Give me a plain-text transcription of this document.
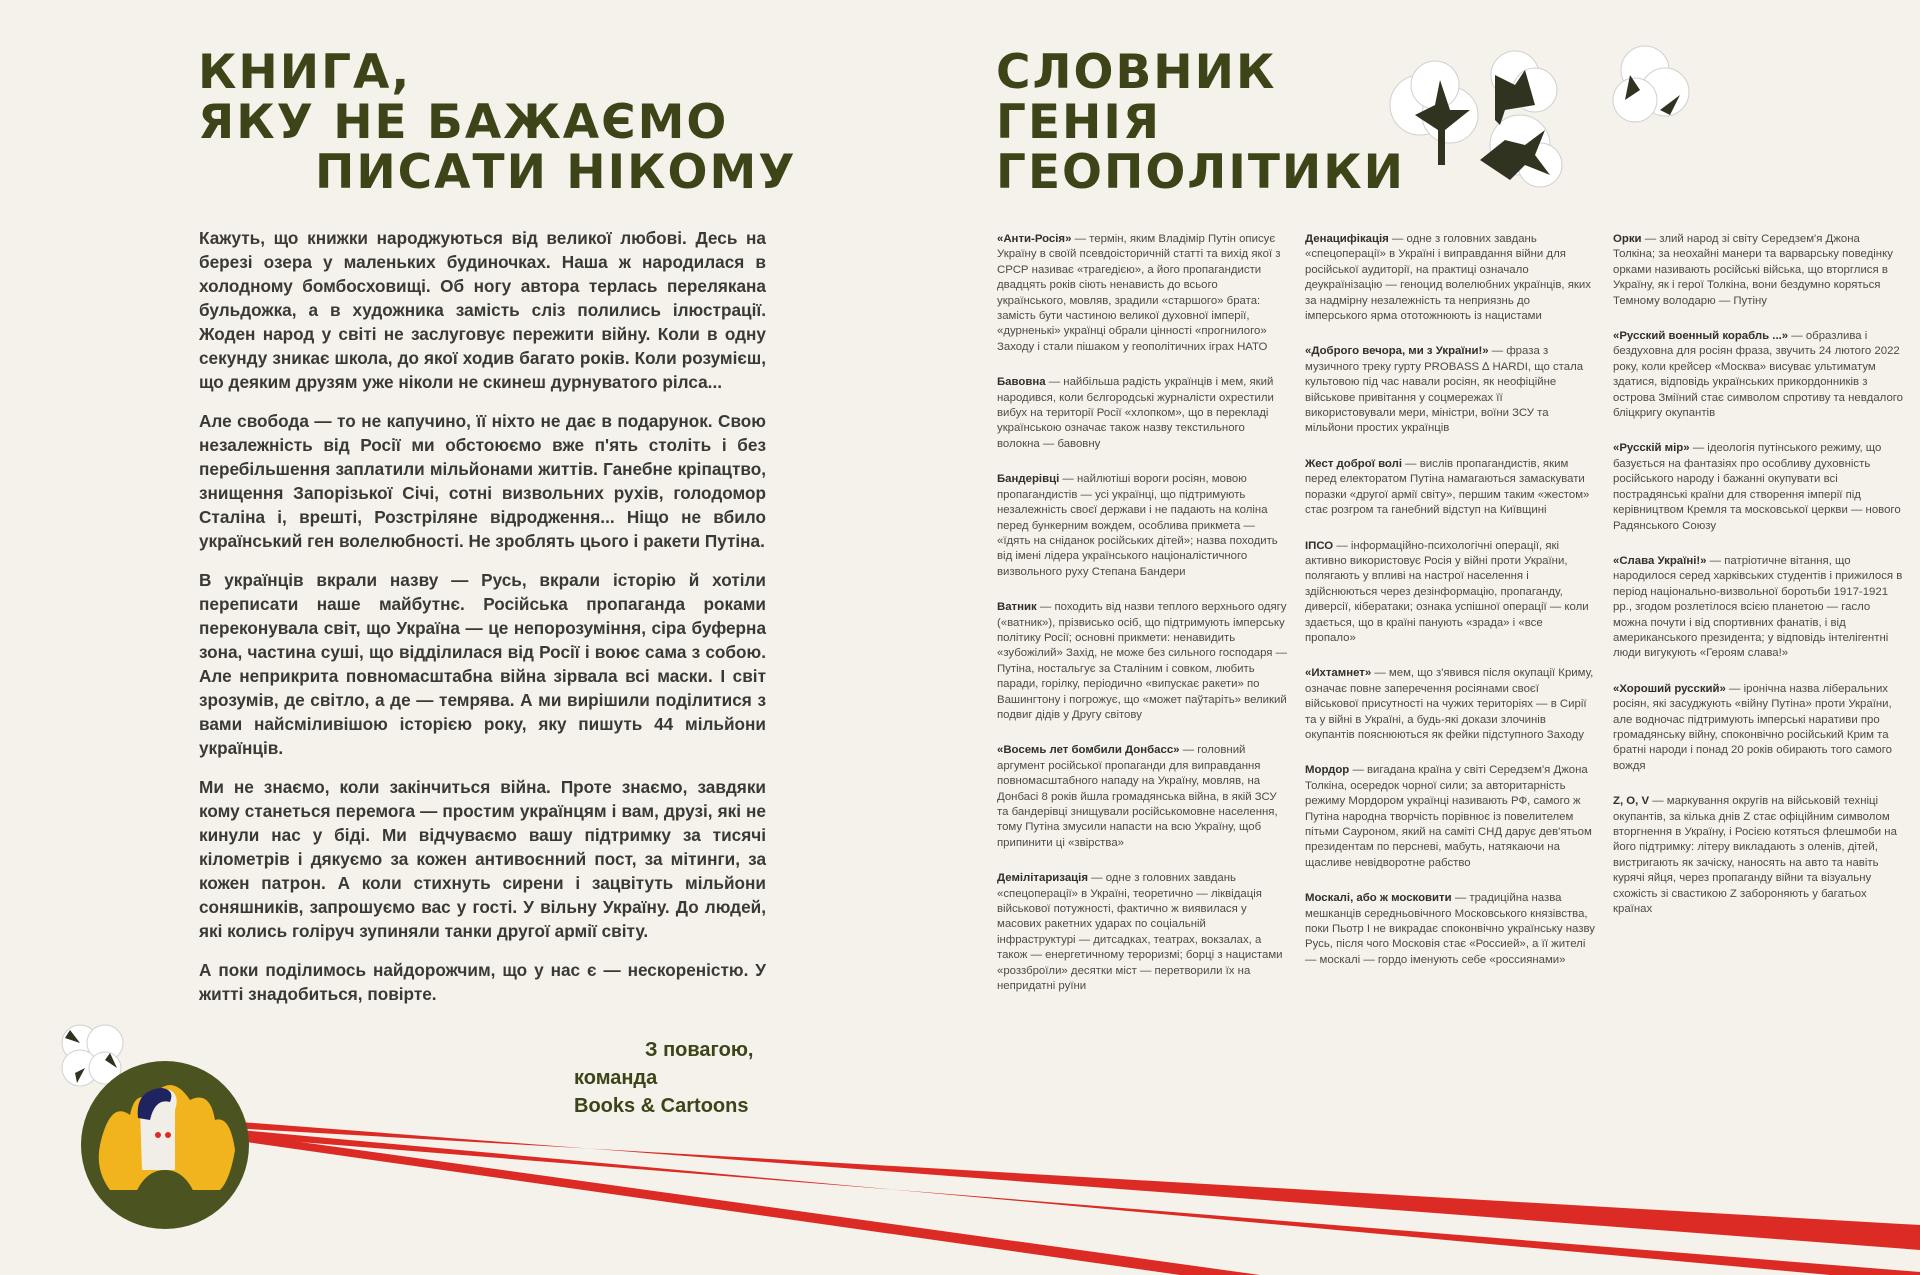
КНИГА,
ЯКУ НЕ БАЖАЄМО
ПИСАТИ НІКОМУ

Кажуть, що книжки народжуються від великої любові. Десь на березі озера у маленьких будиночках. Наша ж народилася в холодному бомбосховищі. Об ногу автора терлась перелякана бульдожка, а в художника замість сліз полились ілюстрації. Жоден народ у світі не заслуговує пережити війну. Коли в одну секунду зникає школа, до якої ходив багато років. Коли розумієш, що деяким друзям уже ніколи не скинеш дурнуватого рілса...

Але свобода — то не капучино, її ніхто не дає в подарунок. Свою незалежність від Росії ми обстоюємо вже п'ять століть і без перебільшення заплатили мільйонами життів. Ганебне кріпацтво, знищення Запорізької Січі, сотні визвольних рухів, голодомор Сталіна і, врешті, Розстріляне відродження... Ніщо не вбило український ген волелюбності. Не зроблять цього і ракети Путіна.

В українців вкрали назву — Русь, вкрали історію й хотіли переписати наше майбутнє. Російська пропаганда роками переконувала світ, що Україна — це непорозуміння, сіра буферна зона, частина суші, що відділилася від Росії і воює сама з собою. Але неприкрита повномасштабна війна зірвала всі маски. І світ зрозумів, де світло, а де — темрява. А ми вирішили поділитися з вами найсміливішою історією року, яку пишуть 44 мільйони українців.

Ми не знаємо, коли закінчиться війна. Проте знаємо, завдяки кому станеться перемога — простим українцям і вам, друзі, які не кинули нас у біді. Ми відчуваємо вашу підтримку за тисячі кілометрів і дякуємо за кожен антивоєнний пост, за мітинги, за кожен патрон. А коли стихнуть сирени і зацвітуть мільйони соняшників, запрошуємо вас у гості. У вільну Україну. До людей, які колись голіруч зупиняли танки другої армії світу.

А поки поділимось найдорожчим, що у нас є — нескореністю. У житті знадобиться, повірте.

З повагою,
команда
Books & Cartoons
СЛОВНИК
ГЕНІЯ
ГЕОПОЛІТИКИ

«Анти-Росія» — термін, яким Владімір Путін описує Україну в своїй псевдоісторичній статті та вихід якої з СРСР називає «трагедією», а його пропагандисти двадцять років сіють ненависть до всього українського, мовляв, зрадили «старшого» брата: замість бути частиною великої духовної імперії, «дурненькі» українці обрали цінності «прогнилого» Заходу і стали пішаком у геополітичних іграх НАТО

Бавовна — найбільша радість українців і мем, який народився, коли бєлгородські журналісти охрестили вибух на території Росії «хлопком», що в перекладі українською означає також назву текстильного волокна — бавовну

Бандерівці — найлютіші вороги росіян, мовою пропагандистів — усі українці, що підтримують незалежність своєї держави і не падають на коліна перед бункерним вождем, особлива прикмета — «їдять на сніданок російських дітей»; назва походить від імені лідера українського націоналістичного визвольного руху Степана Бандери

Ватник — походить від назви теплого верхнього одягу («ватник»), прізвисько осіб, що підтримують імперську політику Росії; основні прикмети: ненавидить «зубожілий» Захід, не може без сильного господаря — Путіна, ностальгує за Сталіним і совком, любить паради, горілку, періодично «випускає ракети» по Вашингтону і погрожує, що «может паўтаріть» великий подвиг дідів у Другу світову

«Восемь лет бомбили Донбасс» — головний аргумент російської пропаганди для виправдання повномасштабного нападу на Україну, мовляв, на Донбасі 8 років йшла громадянська війна, в якій ЗСУ та бандерівці знищували російськомовне населення, тому Путіна змусили напасти на всю Україну, щоб припинити ці «звірства»

Демілітаризація — одне з головних завдань «спецоперації» в Україні, теоретично — ліквідація військової потужності, фактично ж виявилася у масових ракетних ударах по соціальній інфраструктурі — дитсадках, театрах, вокзалах, а також — енергетичному тероризмі; борці з нацистами «роззброїли» десятки міст — перетворили їх на непридатні руїни

Денацифікація — одне з головних завдань «спецоперації» в Україні і виправдання війни для російської аудиторії, на практиці означало деукраїнізацію — геноцид волелюбних українців, яких за надмірну незалежність та неприязнь до імперського ярма ототожнюють із нацистами

«Доброго вечора, ми з України!» — фраза з музичного треку гурту PROBASS ∆ HARDI, що стала культовою під час навали росіян, як неофіційне військове привітання у соцмережах її використовували мери, міністри, воїни ЗСУ та мільйони простих українців

Жест доброї волі — вислів пропагандистів, яким перед електоратом Путіна намагаються замаскувати поразки «другої армії світу», першим таким «жестом» стає розгром та ганебний відступ на Київщині

ІПСО — інформаційно-психологічні операції, які активно використовує Росія у війні проти України, полягають у впливі на настрої населення і здійснюються через дезінформацію, пропаганду, диверсії, кібератаки; ознака успішної операції — коли здається, що в країні панують «зрада» і «все пропало»

«Ихтамнет» — мем, що з'явився після окупації Криму, означає повне заперечення росіянами своєї військової присутності на чужих територіях — в Сирії та у війні в Україні, а будь-які докази злочинів окупантів пояснюються як фейки підступного Заходу

Мордор — вигадана країна у світі Середзем'я Джона Толкіна, осередок чорної сили; за авторитарність режиму Мордором українці називають РФ, самого ж Путіна народна творчість порівнює із повелителем пітьми Сауроном, який на саміті СНД дарує дев'ятьом президентам по персневі, мабуть, натякаючи на щасливе невідворотне рабство

Москалі, або ж московити — традиційна назва мешканців середньовічного Московського князівства, поки Пьотр I не викрадає споконвічно українську назву Русь, після чого Московія стає «Россией», а її жителі — москалі — гордо іменують себе «россиянами»

Орки — злий народ зі світу Середзем'я Джона Толкіна; за неохайні манери та варварську поведінку орками називають російські війська, що вторглися в Україну, як і герої Толкіна, вони бездумно коряться Темному володарю — Путіну

«Русский военный корабль ...» — образлива і бездуховна для росіян фраза, звучить 24 лютого 2022 року, коли крейсер «Москва» висуває ультиматум здатися, відповідь українських прикордонників з острова Зміїний стає символом спротиву та невдалого бліцкригу окупантів

«Русскій мір» — ідеологія путінського режиму, що базується на фантазіях про особливу духовність російського народу і бажанні окупувати всі пострадянські країни для створення імперії під керівництвом Кремля та московської церкви — нового Радянського Союзу

«Слава Україні!» — патріотичне вітання, що народилося серед харківських студентів і прижилося в період національно-визвольної боротьби 1917-1921 рр., згодом розлетілося всією планетою — гасло можна почути і від спортивних фанатів, і від американського президента; у відповідь інтелігентні люди вигукують «Героям слава!»

«Хороший русский» — іронічна назва ліберальних росіян, які засуджують «війну Путіна» проти України, але водночас підтримують імперські наративи про громадянську війну, споконвічно російський Крим та братні народи і понад 20 років обирають того самого вождя

Z, O, V — маркування округів на військовій техніці окупантів, за кілька днів Z стає офіційним символом вторгнення в Україну, і Росією котяться флешмоби на його підтримку: літеру викладають з оленів, дітей, вистригають як зачіску, наносять на авто та навіть курячі яйця, через пропаганду війни та візуальну схожість зі свастикою Z забороняють у багатьох країнах
